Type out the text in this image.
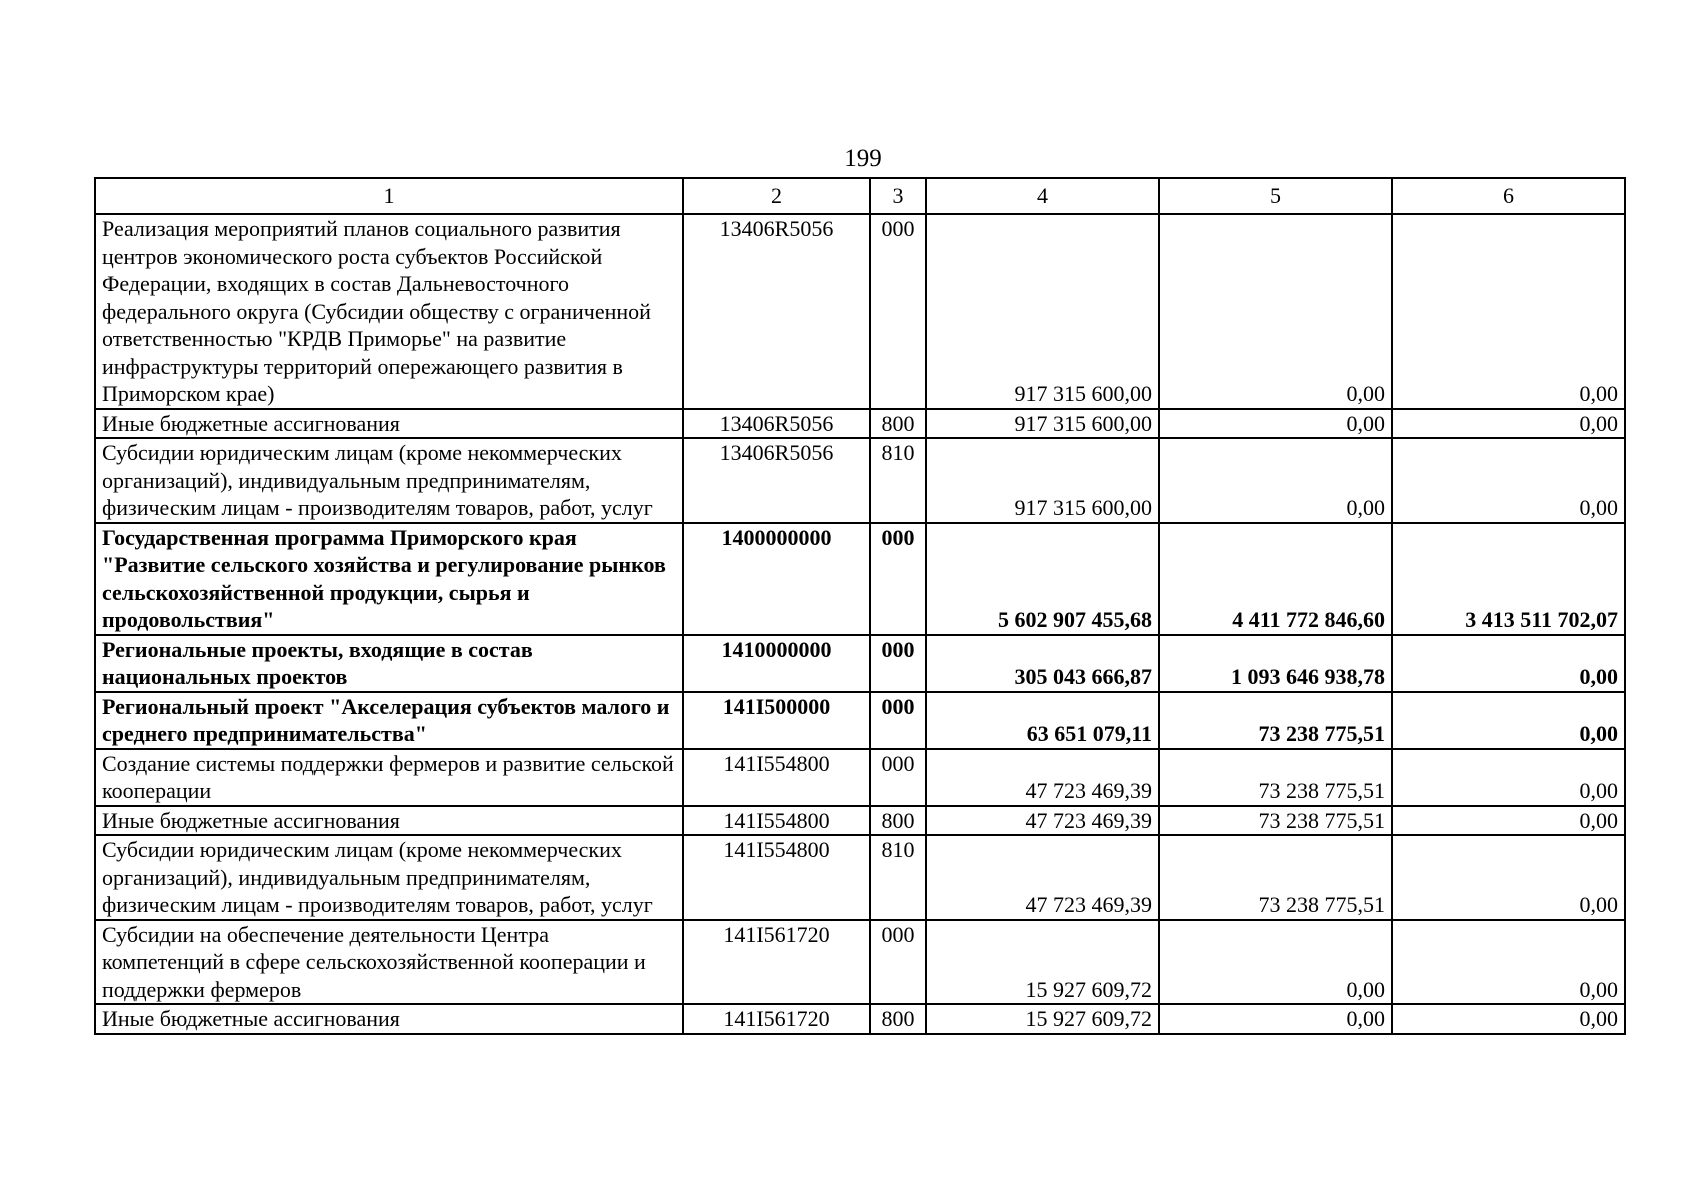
199
1	2	3	4	5	6
Реализация мероприятий планов социального развития центров экономического роста субъектов Российской Федерации, входящих в состав Дальневосточного федерального округа (Субсидии обществу с ограниченной ответственностью "КРДВ Приморье" на развитие инфраструктуры территорий опережающего развития в Приморском крае)	13406R5056	000	917 315 600,00	0,00	0,00
Иные бюджетные ассигнования	13406R5056	800	917 315 600,00	0,00	0,00
Субсидии юридическим лицам (кроме некоммерческих организаций), индивидуальным предпринимателям, физическим лицам - производителям товаров, работ, услуг	13406R5056	810	917 315 600,00	0,00	0,00
Государственная программа Приморского края "Развитие сельского хозяйства и регулирование рынков сельскохозяйственной продукции, сырья и продовольствия"	1400000000	000	5 602 907 455,68	4 411 772 846,60	3 413 511 702,07
Региональные проекты, входящие в состав национальных проектов	1410000000	000	305 043 666,87	1 093 646 938,78	0,00
Региональный проект "Акселерация субъектов малого и среднего предпринимательства"	141I500000	000	63 651 079,11	73 238 775,51	0,00
Создание системы поддержки фермеров и развитие сельской кооперации	141I554800	000	47 723 469,39	73 238 775,51	0,00
Иные бюджетные ассигнования	141I554800	800	47 723 469,39	73 238 775,51	0,00
Субсидии юридическим лицам (кроме некоммерческих организаций), индивидуальным предпринимателям, физическим лицам - производителям товаров, работ, услуг	141I554800	810	47 723 469,39	73 238 775,51	0,00
Субсидии на обеспечение деятельности Центра компетенций в сфере сельскохозяйственной кооперации и поддержки фермеров	141I561720	000	15 927 609,72	0,00	0,00
Иные бюджетные ассигнования	141I561720	800	15 927 609,72	0,00	0,00
